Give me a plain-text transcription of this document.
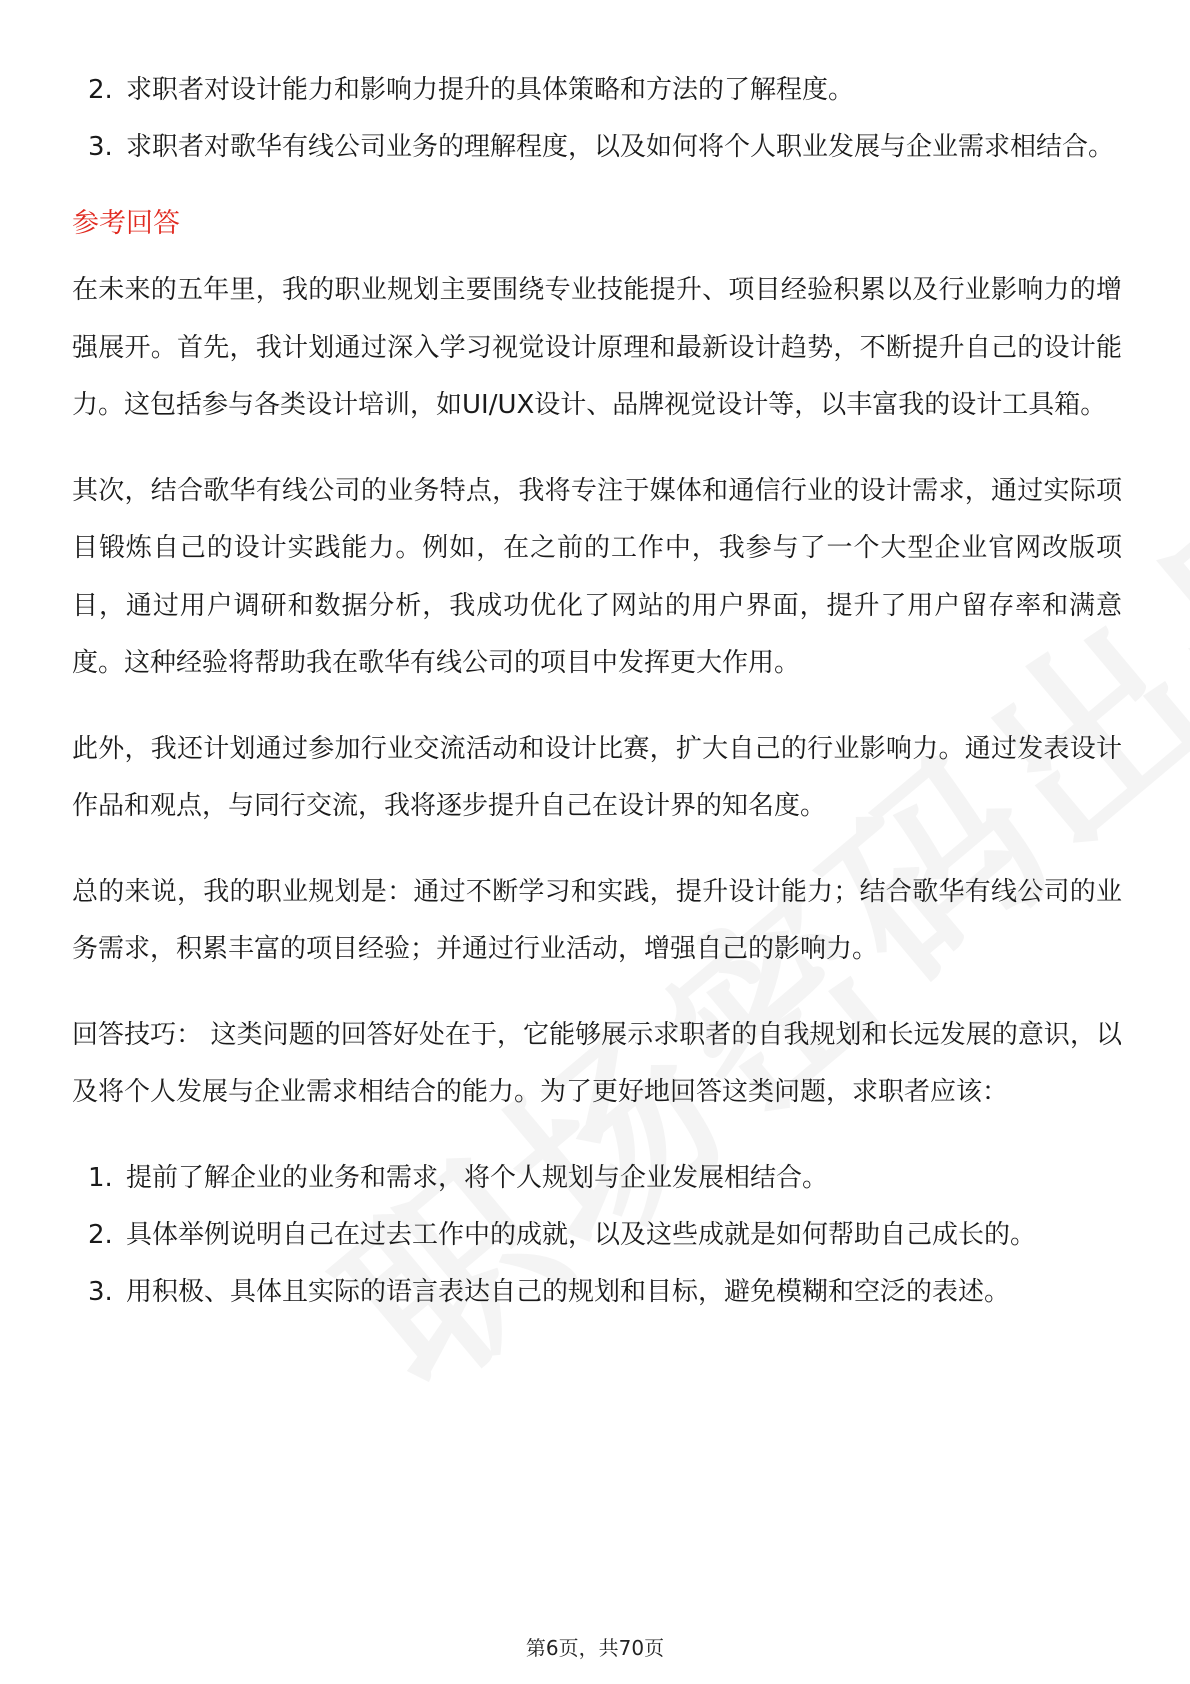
2. 求职者对设计能力和影响力提升的具体策略和方法的了解程度。
3. 求职者对歌华有线公司业务的理解程度，以及如何将个人职业发展与企业需求相结合。
参考回答

在未来的五年里，我的职业规划主要围绕专业技能提升、项目经验积累以及行业影响力的增强展开。首先，我计划通过深入学习视觉设计原理和最新设计趋势，不断提升自己的设计能力。这包括参与各类设计培训，如UI/UX设计、品牌视觉设计等，以丰富我的设计工具箱。

其次，结合歌华有线公司的业务特点，我将专注于媒体和通信行业的设计需求，通过实际项目锻炼自己的设计实践能力。例如，在之前的工作中，我参与了一个大型企业官网改版项目，通过用户调研和数据分析，我成功优化了网站的用户界面，提升了用户留存率和满意度。这种经验将帮助我在歌华有线公司的项目中发挥更大作用。

此外，我还计划通过参加行业交流活动和设计比赛，扩大自己的行业影响力。通过发表设计作品和观点，与同行交流，我将逐步提升自己在设计界的知名度。

总的来说，我的职业规划是：通过不断学习和实践，提升设计能力；结合歌华有线公司的业务需求，积累丰富的项目经验；并通过行业活动，增强自己的影响力。

回答技巧： 这类问题的回答好处在于，它能够展示求职者的自我规划和长远发展的意识，以及将个人发展与企业需求相结合的能力。为了更好地回答这类问题，求职者应该：

1. 提前了解企业的业务和需求，将个人规划与企业发展相结合。
2. 具体举例说明自己在过去工作中的成就，以及这些成就是如何帮助自己成长的。
3. 用积极、具体且实际的语言表达自己的规划和目标，避免模糊和空泛的表述。
第6页，共70页
